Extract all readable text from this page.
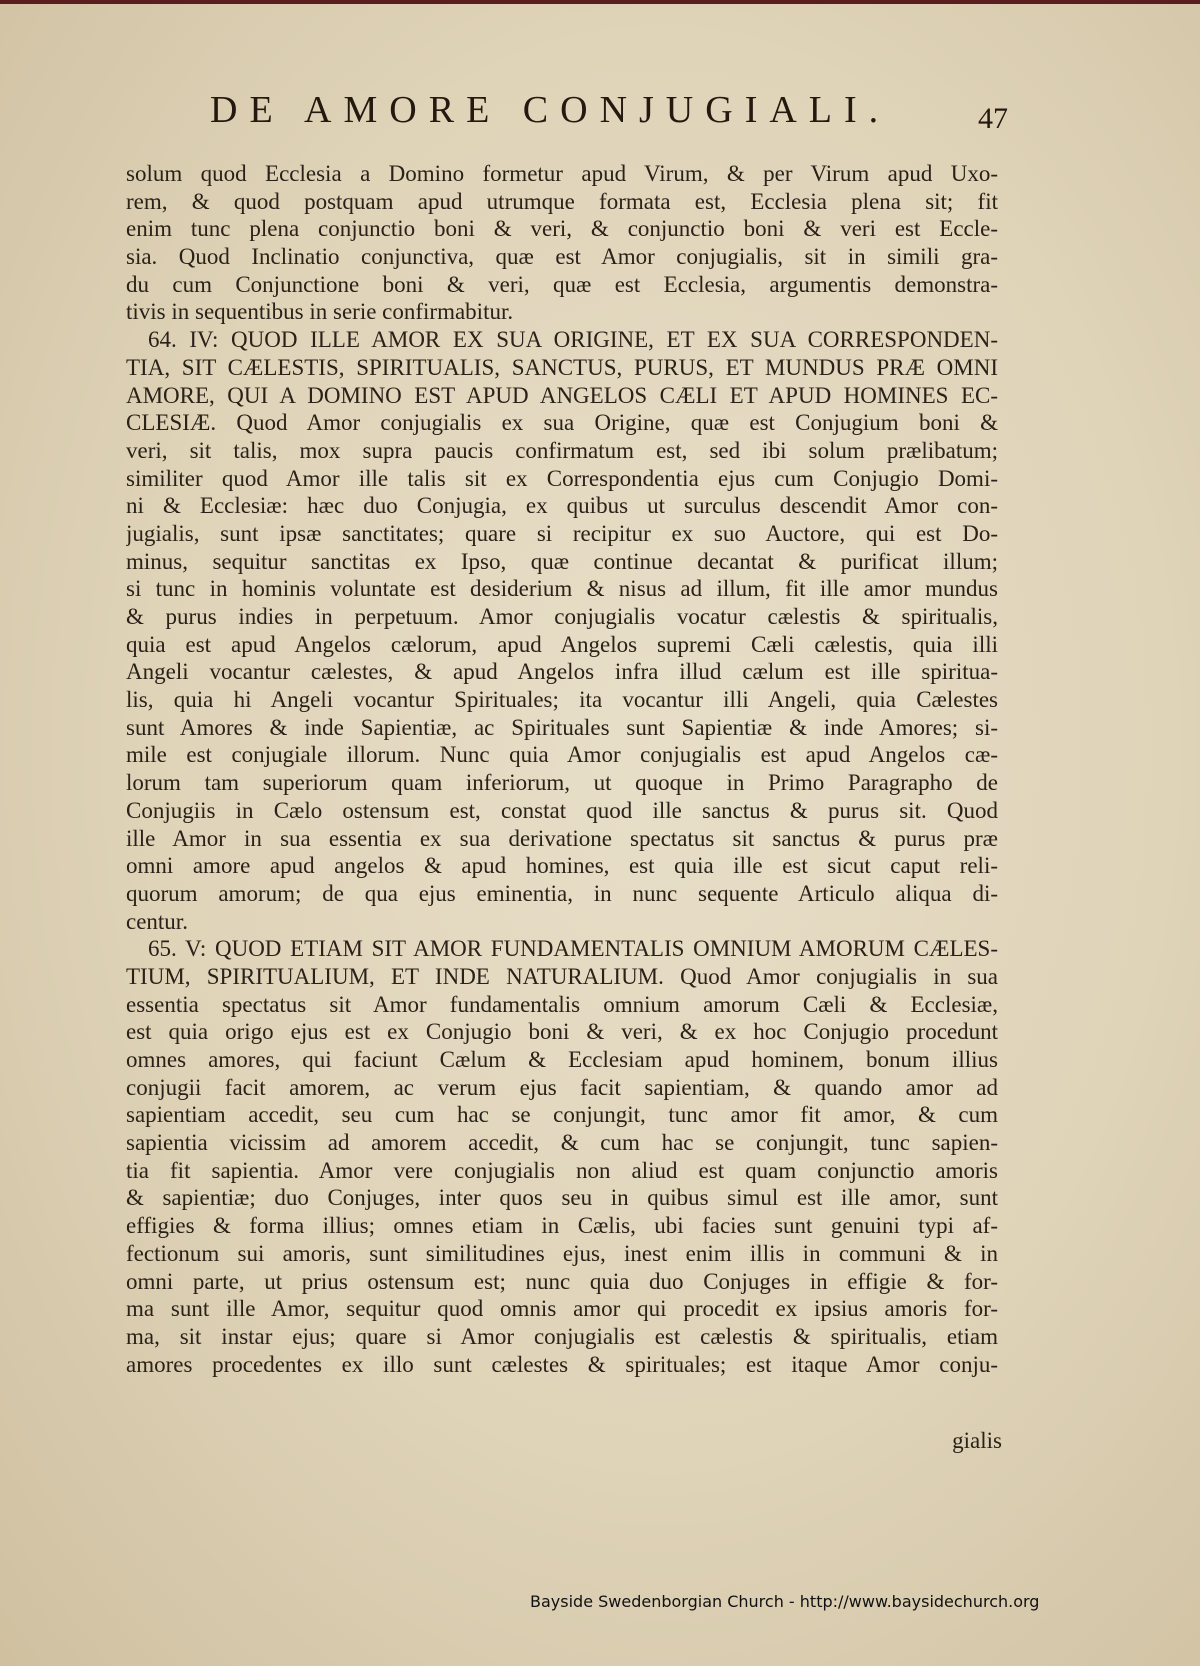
DE AMORE CONJUGIALI.	47
solum quod Ecclesia a Domino formetur apud Virum, & per Virum apud Uxo-
rem, & quod postquam apud utrumque formata est, Ecclesia plena sit; fit
enim tunc plena conjunctio boni & veri, & conjunctio boni & veri est Eccle-
sia. Quod Inclinatio conjunctiva, quæ est Amor conjugialis, sit in simili gra-
du cum Conjunctione boni & veri, quæ est Ecclesia, argumentis demonstra-
tivis in sequentibus in serie confirmabitur.
64. IV: QUOD ILLE AMOR EX SUA ORIGINE, ET EX SUA CORRESPONDEN-
TIA, SIT CÆLESTIS, SPIRITUALIS, SANCTUS, PURUS, ET MUNDUS PRÆ OMNI
AMORE, QUI A DOMINO EST APUD ANGELOS CÆLI ET APUD HOMINES EC-
CLESIÆ. Quod Amor conjugialis ex sua Origine, quæ est Conjugium boni &
veri, sit talis, mox supra paucis confirmatum est, sed ibi solum prælibatum;
similiter quod Amor ille talis sit ex Correspondentia ejus cum Conjugio Domi-
ni & Ecclesiæ: hæc duo Conjugia, ex quibus ut surculus descendit Amor con-
jugialis, sunt ipsæ sanctitates; quare si recipitur ex suo Auctore, qui est Do-
minus, sequitur sanctitas ex Ipso, quæ continue decantat & purificat illum;
si tunc in hominis voluntate est desiderium & nisus ad illum, fit ille amor mundus
& purus indies in perpetuum. Amor conjugialis vocatur cælestis & spiritualis,
quia est apud Angelos cælorum, apud Angelos supremi Cæli cælestis, quia illi
Angeli vocantur cælestes, & apud Angelos infra illud cælum est ille spiritua-
lis, quia hi Angeli vocantur Spirituales; ita vocantur illi Angeli, quia Cælestes
sunt Amores & inde Sapientiæ, ac Spirituales sunt Sapientiæ & inde Amores; si-
mile est conjugiale illorum. Nunc quia Amor conjugialis est apud Angelos cæ-
lorum tam superiorum quam inferiorum, ut quoque in Primo Paragrapho de
Conjugiis in Cælo ostensum est, constat quod ille sanctus & purus sit. Quod
ille Amor in sua essentia ex sua derivatione spectatus sit sanctus & purus præ
omni amore apud angelos & apud homines, est quia ille est sicut caput reli-
quorum amorum; de qua ejus eminentia, in nunc sequente Articulo aliqua di-
centur.
65. V: QUOD ETIAM SIT AMOR FUNDAMENTALIS OMNIUM AMORUM CÆLES-
TIUM, SPIRITUALIUM, ET INDE NATURALIUM. Quod Amor conjugialis in sua
essentia spectatus sit Amor fundamentalis omnium amorum Cæli & Ecclesiæ,
est quia origo ejus est ex Conjugio boni & veri, & ex hoc Conjugio procedunt
omnes amores, qui faciunt Cælum & Ecclesiam apud hominem, bonum illius
conjugii facit amorem, ac verum ejus facit sapientiam, & quando amor ad
sapientiam accedit, seu cum hac se conjungit, tunc amor fit amor, & cum
sapientia vicissim ad amorem accedit, & cum hac se conjungit, tunc sapien-
tia fit sapientia. Amor vere conjugialis non aliud est quam conjunctio amoris
& sapientiæ; duo Conjuges, inter quos seu in quibus simul est ille amor, sunt
effigies & forma illius; omnes etiam in Cælis, ubi facies sunt genuini typi af-
fectionum sui amoris, sunt similitudines ejus, inest enim illis in communi & in
omni parte, ut prius ostensum est; nunc quia duo Conjuges in effigie & for-
ma sunt ille Amor, sequitur quod omnis amor qui procedit ex ipsius amoris for-
ma, sit instar ejus; quare si Amor conjugialis est cælestis & spiritualis, etiam
amores procedentes ex illo sunt cælestes & spirituales; est itaque Amor conju-
gialis
Bayside Swedenborgian Church - http://www.baysidechurch.org
